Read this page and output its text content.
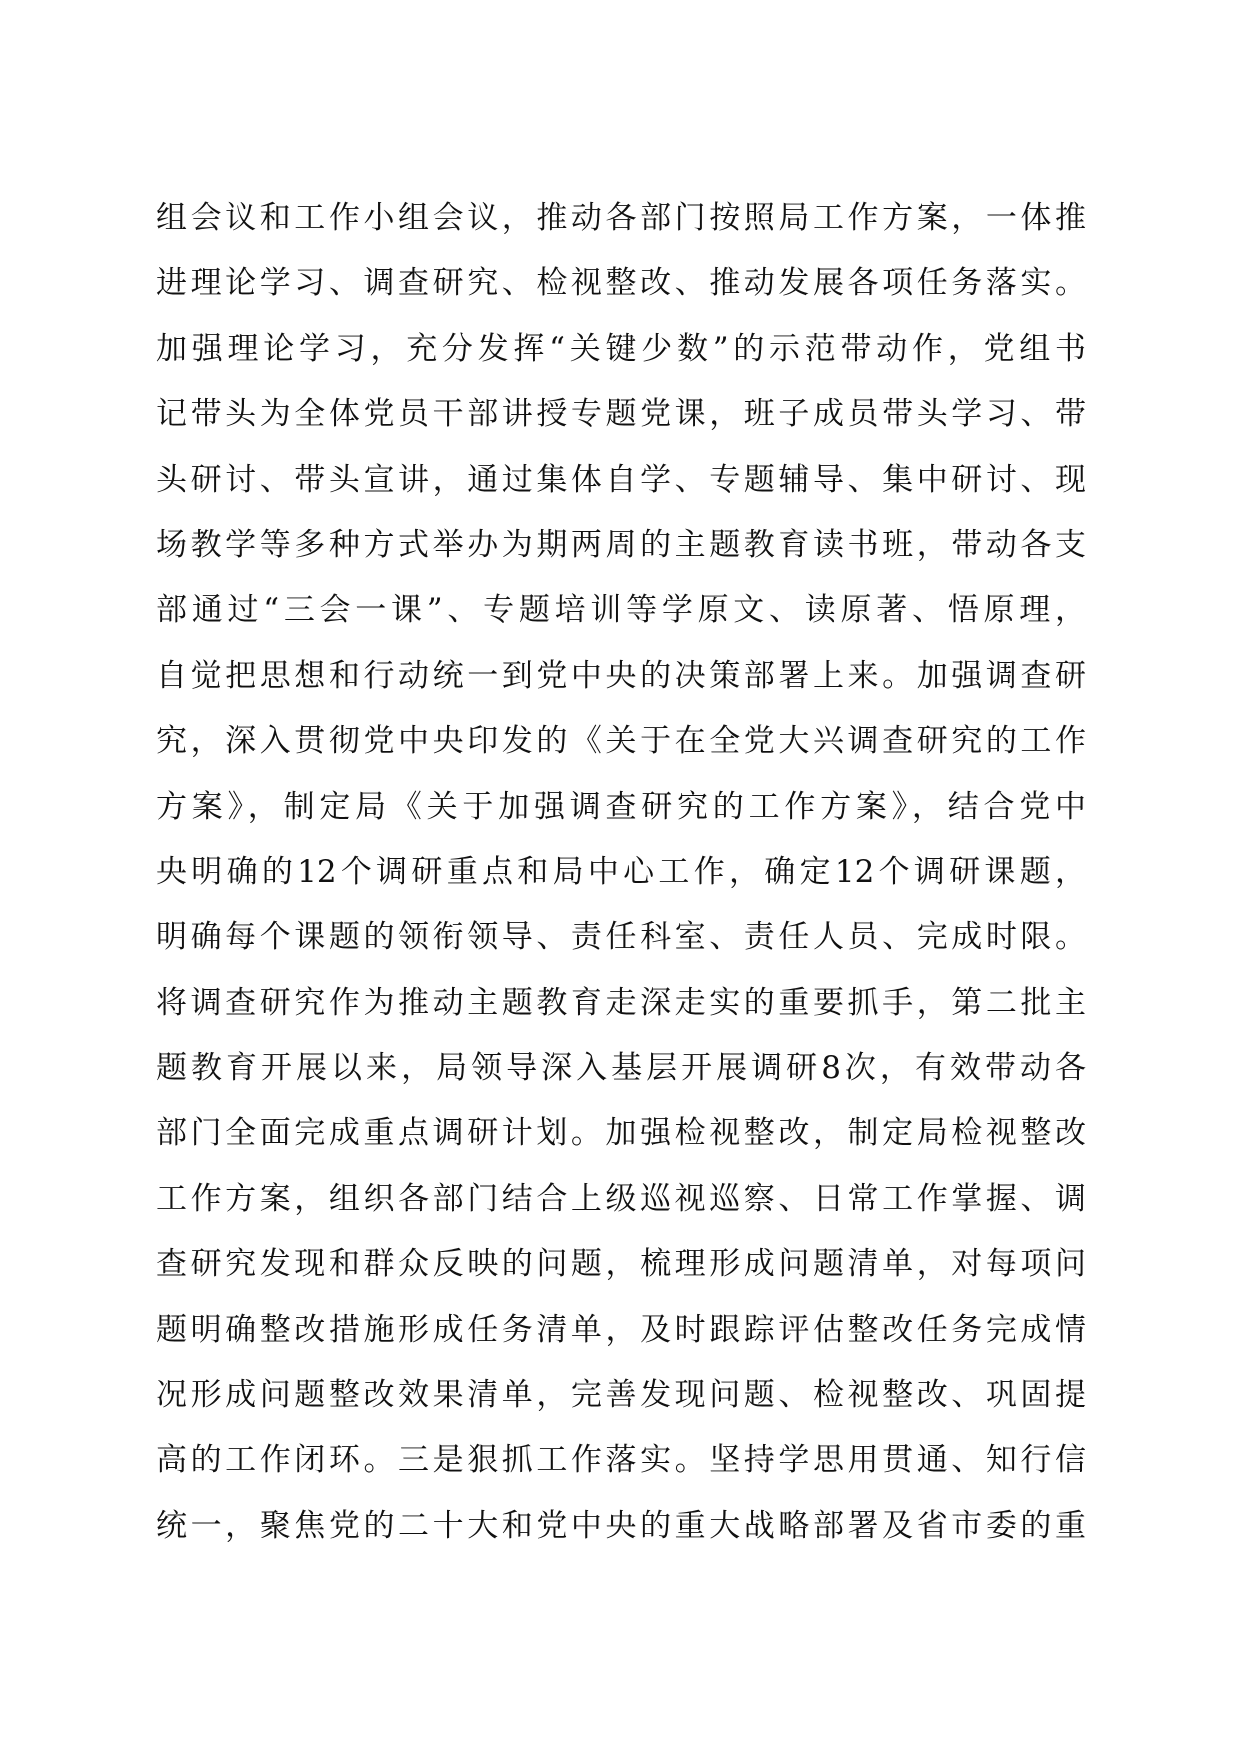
组会议和工作小组会议，推动各部门按照局工作方案，一体推
进理论学习、调查研究、检视整改、推动发展各项任务落实。
加强理论学习，充分发挥“关键少数”的示范带动作，党组书
记带头为全体党员干部讲授专题党课，班子成员带头学习、带
头研讨、带头宣讲，通过集体自学、专题辅导、集中研讨、现
场教学等多种方式举办为期两周的主题教育读书班，带动各支
部通过“三会一课”、专题培训等学原文、读原著、悟原理，
自觉把思想和行动统一到党中央的决策部署上来。加强调查研
究，深入贯彻党中央印发的《关于在全党大兴调查研究的工作
方案》，制定局《关于加强调查研究的工作方案》，结合党中
央明确的12个调研重点和局中心工作，确定12个调研课题，
明确每个课题的领衔领导、责任科室、责任人员、完成时限。
将调查研究作为推动主题教育走深走实的重要抓手，第二批主
题教育开展以来，局领导深入基层开展调研8次，有效带动各
部门全面完成重点调研计划。加强检视整改，制定局检视整改
工作方案，组织各部门结合上级巡视巡察、日常工作掌握、调
查研究发现和群众反映的问题，梳理形成问题清单，对每项问
题明确整改措施形成任务清单，及时跟踪评估整改任务完成情
况形成问题整改效果清单，完善发现问题、检视整改、巩固提
高的工作闭环。三是狠抓工作落实。坚持学思用贯通、知行信
统一，聚焦党的二十大和党中央的重大战略部署及省市委的重
